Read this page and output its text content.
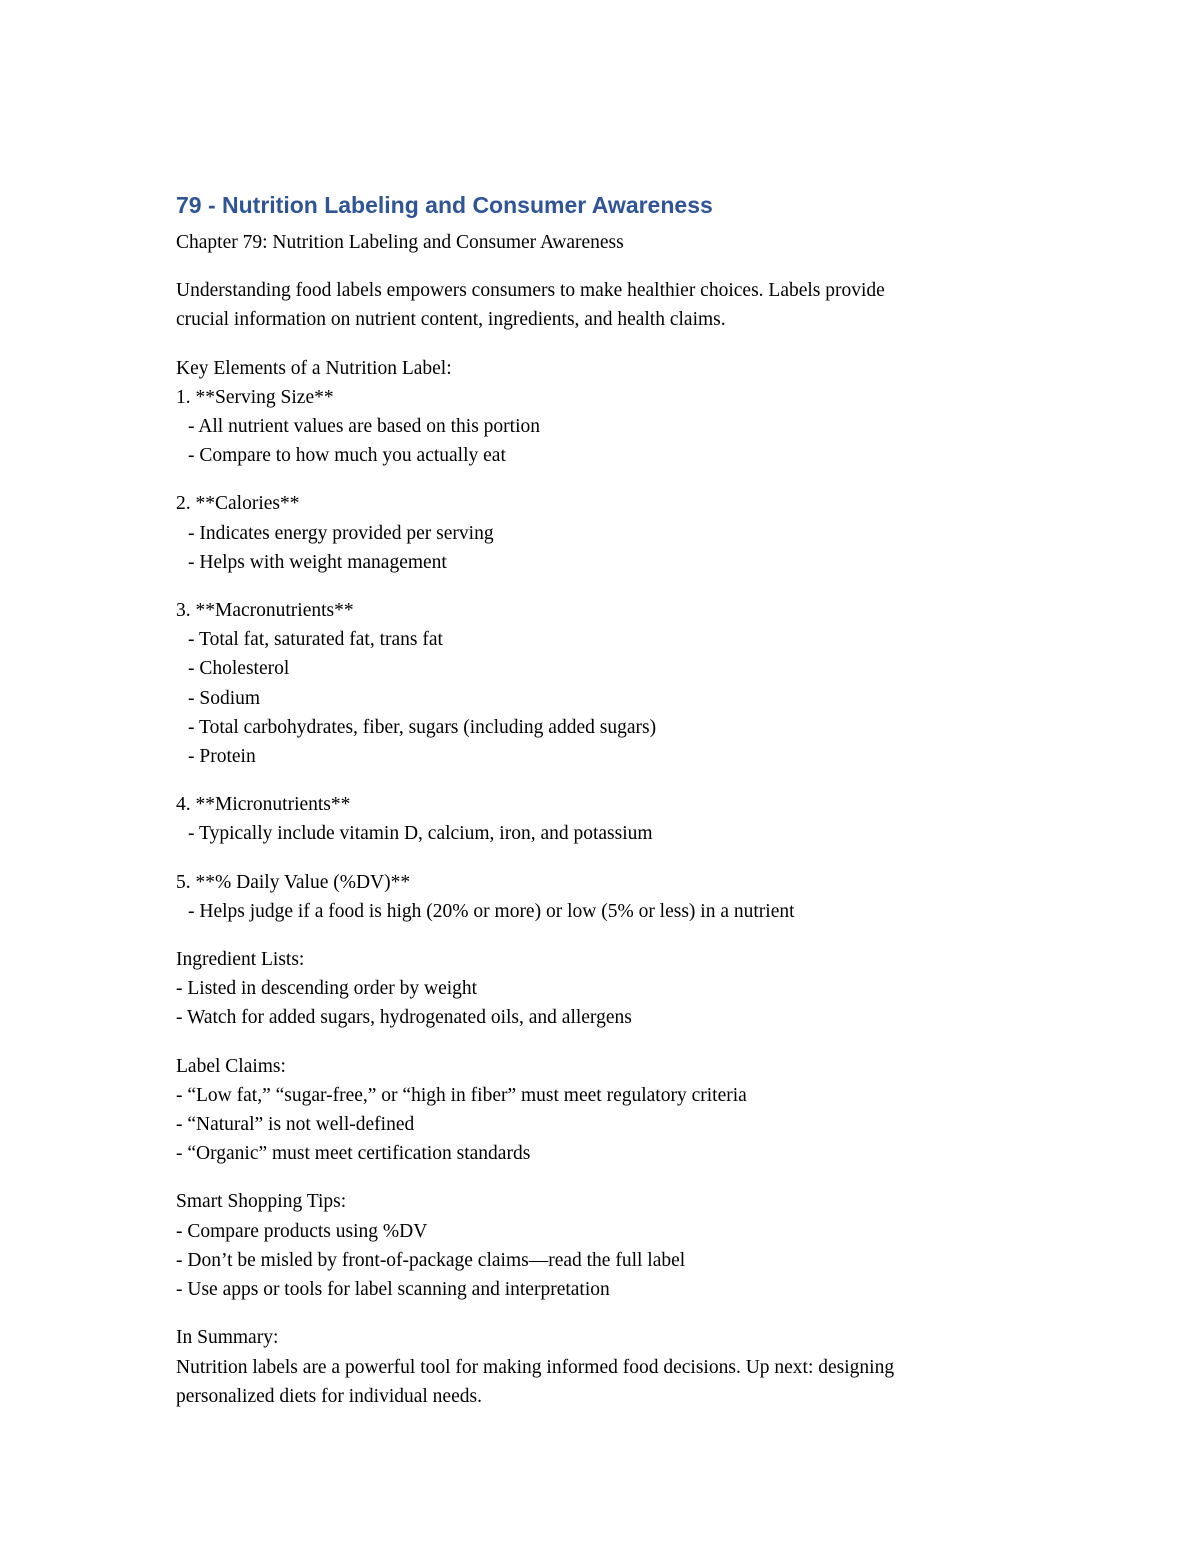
79 - Nutrition Labeling and Consumer Awareness

Chapter 79: Nutrition Labeling and Consumer Awareness

Understanding food labels empowers consumers to make healthier choices. Labels provide

crucial information on nutrient content, ingredients, and health claims.

Key Elements of a Nutrition Label:

1. **Serving Size**

- All nutrient values are based on this portion

- Compare to how much you actually eat

2. **Calories**

- Indicates energy provided per serving

- Helps with weight management

3. **Macronutrients**

- Total fat, saturated fat, trans fat

- Cholesterol

- Sodium

- Total carbohydrates, fiber, sugars (including added sugars)

- Protein

4. **Micronutrients**

- Typically include vitamin D, calcium, iron, and potassium

5. **% Daily Value (%DV)**

- Helps judge if a food is high (20% or more) or low (5% or less) in a nutrient

Ingredient Lists:

- Listed in descending order by weight

- Watch for added sugars, hydrogenated oils, and allergens

Label Claims:

- “Low fat,” “sugar-free,” or “high in fiber” must meet regulatory criteria

- “Natural” is not well-defined

- “Organic” must meet certification standards

Smart Shopping Tips:

- Compare products using %DV

- Don’t be misled by front-of-package claims—read the full label

- Use apps or tools for label scanning and interpretation

In Summary:

Nutrition labels are a powerful tool for making informed food decisions. Up next: designing

personalized diets for individual needs.
